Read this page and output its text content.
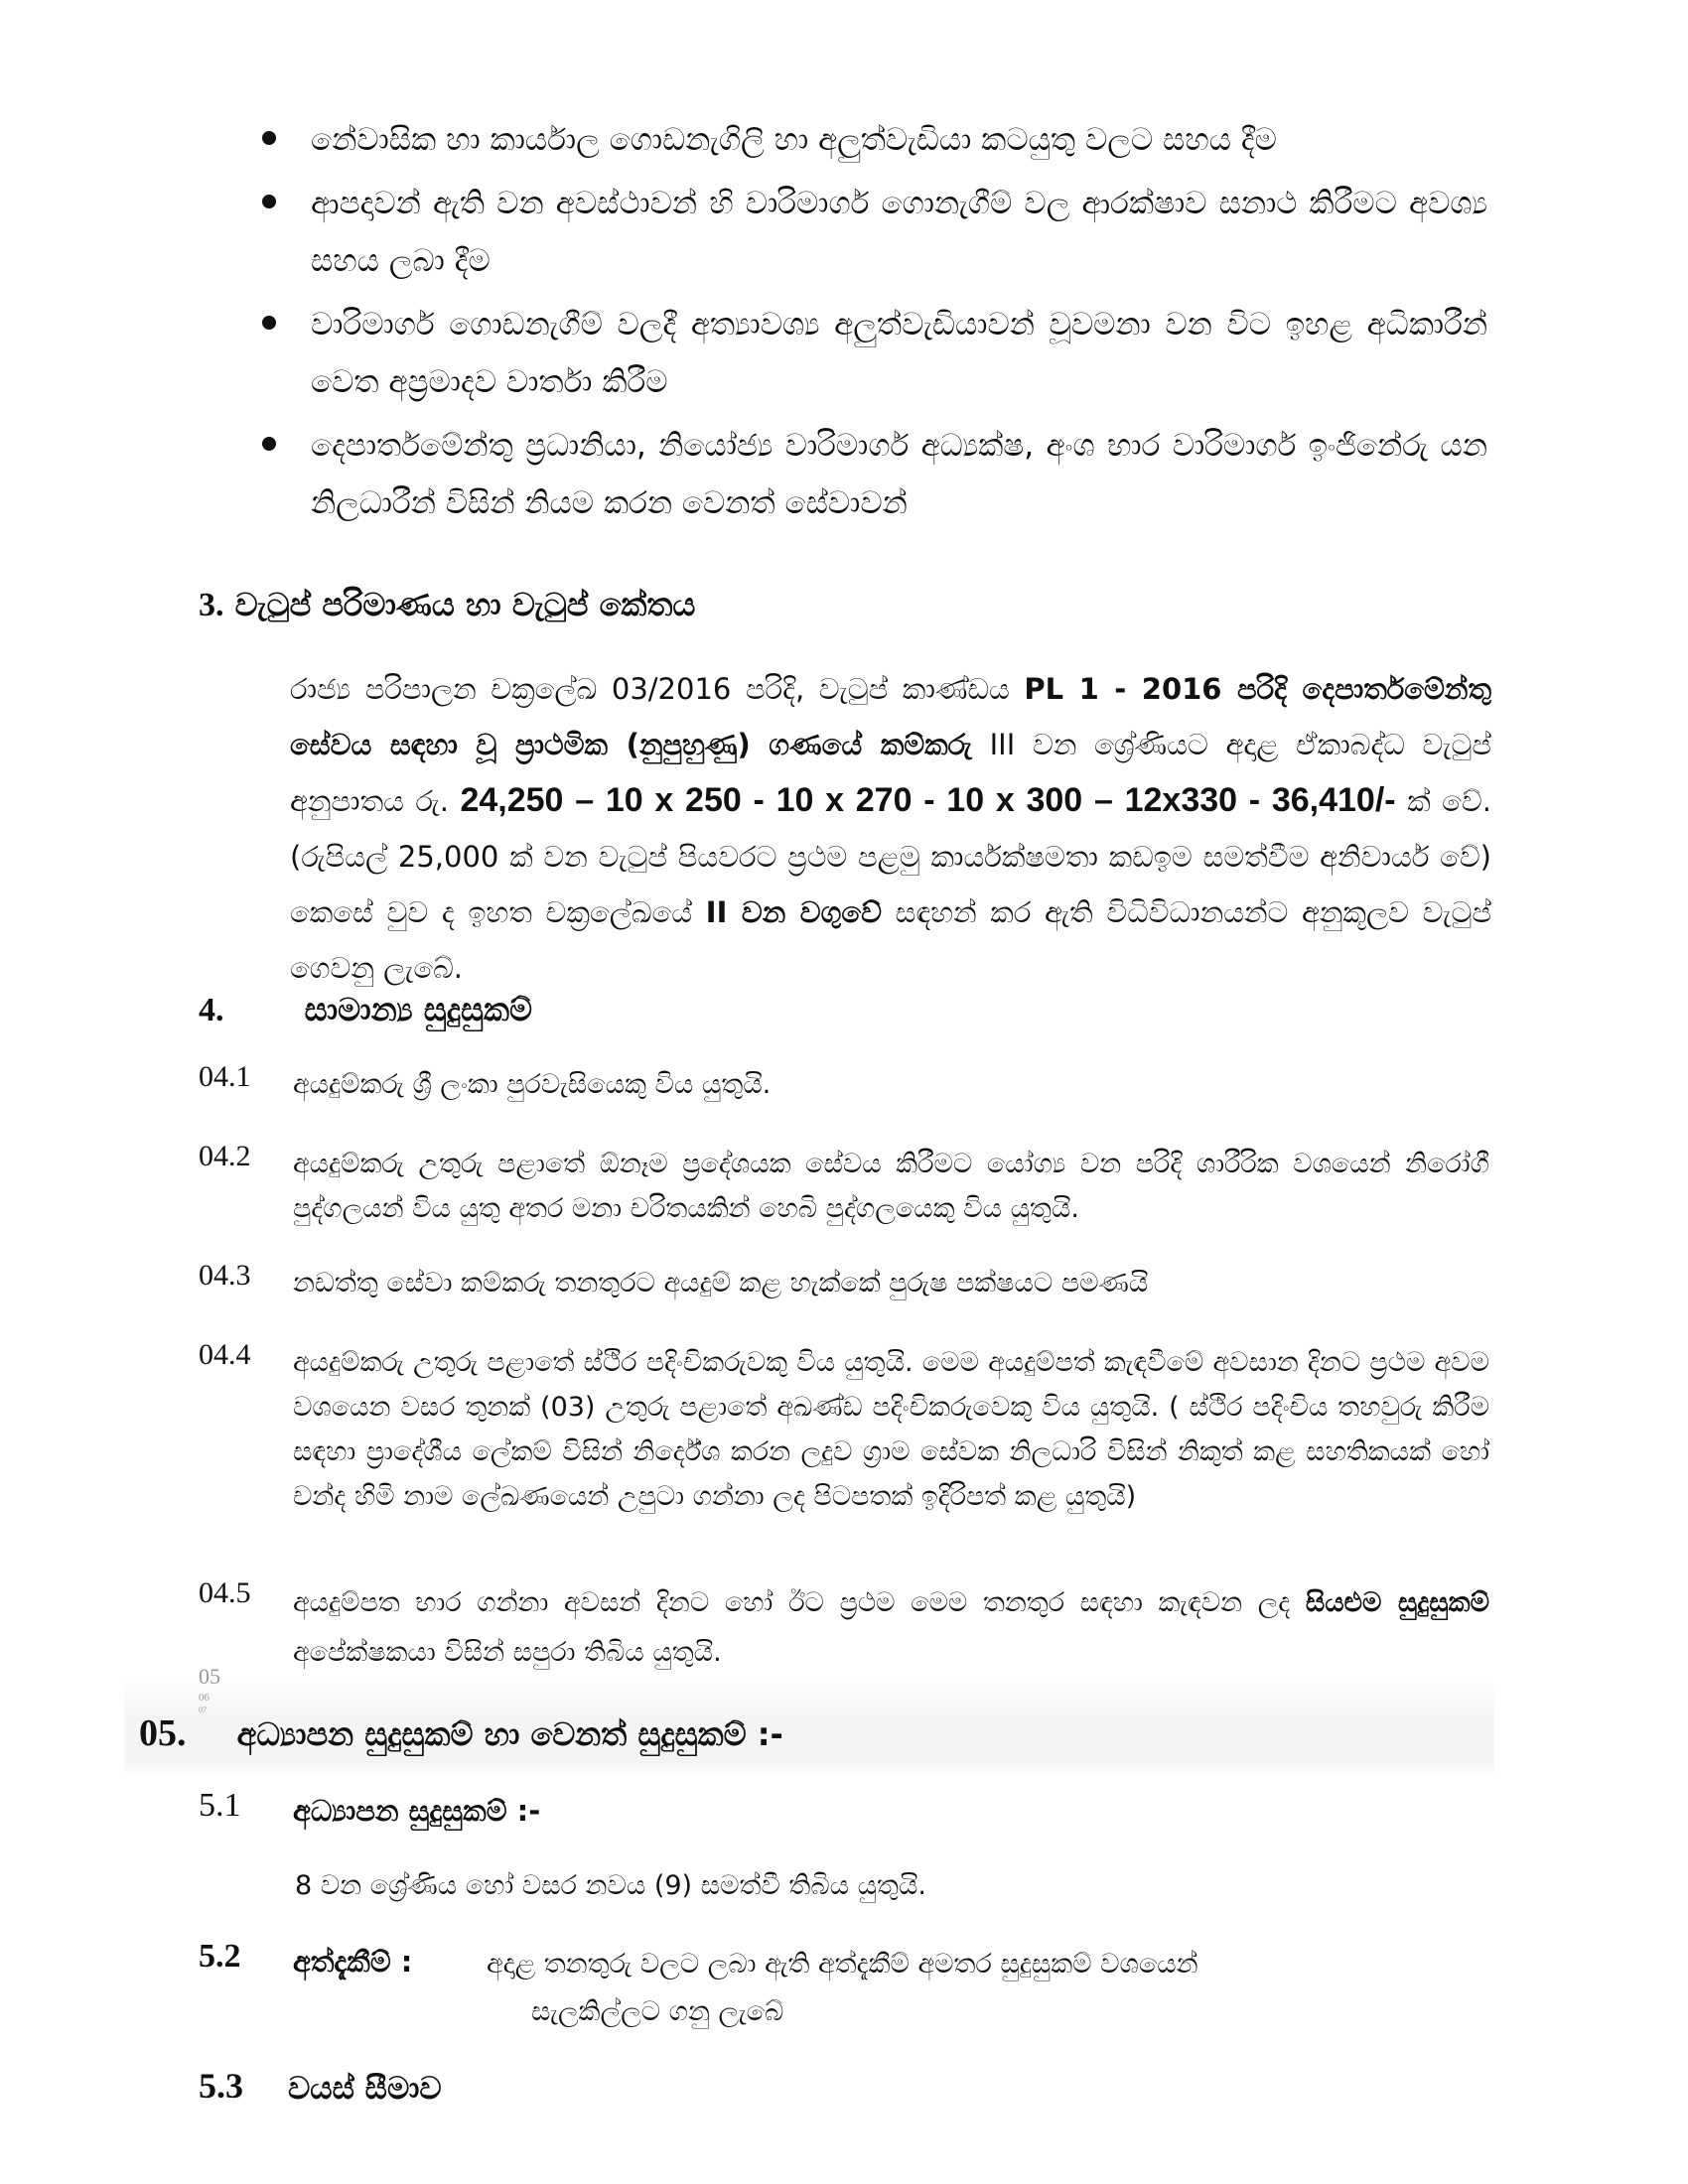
නේවාසික හා කාර්යාල ගොඩනැගිලි හා අලුත්වැඩියා කටයුතු වලට සහය දීම
ආපදාවන් ඇති වන අවස්ථාවන් හි වාරිමාර්ග ගොනැගීම් වල ආරක්ෂාව සනාථ කිරීමට අවශ්‍ය සහය ලබා දීම
වාරිමාර්ග ගොඩනැගීම් වලදී අත්‍යාවශ්‍ය අලුත්වැඩියාවන් වූවමනා වන විට ඉහළ අධිකාරීන් වෙත අප්‍රමාදව වාර්තා කිරීම
දෙපාර්තමේන්තු ප්‍රධානියා, නියෝජ්‍ය වාරිමාර්ග අධ්‍යක්ෂ, අංශ භාර වාරිමාර්ග ඉංජිනේරු යන නිලධාරීන් විසින් නියම කරන වෙනත් සේවාවන්
3. වැටුප් පරිමාණය හා වැටුප් කේතය
රාජ්‍ය පරිපාලන චක්‍රලේඛ 03/2016 පරිදි, වැටුප් කාණ්ඩය PL 1 - 2016 පරිදි දෙපාර්තමේන්තු සේවය සඳහා වූ ප්‍රාථමික (නුපුහුණු) ගණයේ කම්කරු III වන ශ්‍රේණියට අදාළ ඒකාබද්ධ වැටුප් අනුපාතය රු. 24,250 – 10 x 250 - 10 x 270 - 10 x 300 – 12x330 - 36,410/- ක් වේ. (රුපියල් 25,000 ක් වන වැටුප් පියවරට ප්‍රථම පළමු කාර්යක්ෂමතා කඩඉම සමත්වීම අනිවාර්ය වේ) කෙසේ වුව ද ඉහත චක්‍රලේඛයේ II වන වගුවේ සඳහන් කර ඇති විධිවිධානයන්ට අනුකූලව වැටුප් ගෙවනු ලැබේ.
4.	සාමාන්‍ය සුදුසුකම්
04.1 අයදුම්කරු ශ්‍රී ලංකා පුරවැසියෙකු විය යුතුයි.
04.2 අයදුම්කරු උතුරු පළාතේ ඕනෑම ප්‍රදේශයක සේවය කිරීමට යෝග්‍ය වන පරිදි ශාරීරික වශයෙන් නිරෝගී පුද්ගලයන් විය යුතු අතර මනා චරිතයකින් හෙබි පුද්ගලයෙකු විය යුතුයි.
04.3 නඩත්තු සේවා කම්කරු තනතුරට අයදුම් කළ හැක්කේ පුරුෂ පක්ෂයට පමණයි
04.4 අයදුම්කරු උතුරු පළාතේ ස්ථිර පදිංචිකරුවකු විය යුතුයි. මෙම අයදුම්පත් කැඳවීමේ අවසාන දිනට ප්‍රථම අවම වශයෙන වසර තුනක් (03) උතුරු පළාතේ අඛණ්ඩ පදිංචිකරුවෙකු විය යුතුයි. ( ස්ථිර පදිංචිය තහවුරු කිරීම සඳහා ප්‍රාදේශීය ලේකම් විසින් නිර්දේශ කරන ලදුව ග්‍රාම සේවක නිලධාරි විසින් නිකුත් කළ සහතිකයක් හෝ චන්ද හිමි නාම ලේඛණයෙන් උපුටා ගන්නා ලද පිටපතක් ඉදිරිපත් කළ යුතුයි)
04.5 අයදුම්පත භාර ගන්නා අවසන් දිනට හෝ ඊට ප්‍රථම මෙම තනතුර සඳහා කැඳවන ලද සියළුම සුදුසුකම් අපේක්ෂකයා විසින් සපුරා තිබිය යුතුයි.
05
06
07
05. අධ්‍යාපන සුදුසුකම් හා වෙනත් සුදුසුකම් :-
5.1 අධ්‍යාපන සුදුසුකම් :-
8 වන ශ්‍රේණිය හෝ වසර නවය (9) සමත්වී තිබිය යුතුයි.
5.2 අත්දැකීම් :	අදාළ තනතුරු වලට ලබා ඇති අත්දැකීම් අමතර සුදුසුකම් වශයෙන්
සැලකිල්ලට ගනු ලැබේ
5.3 වයස් සීමාව
